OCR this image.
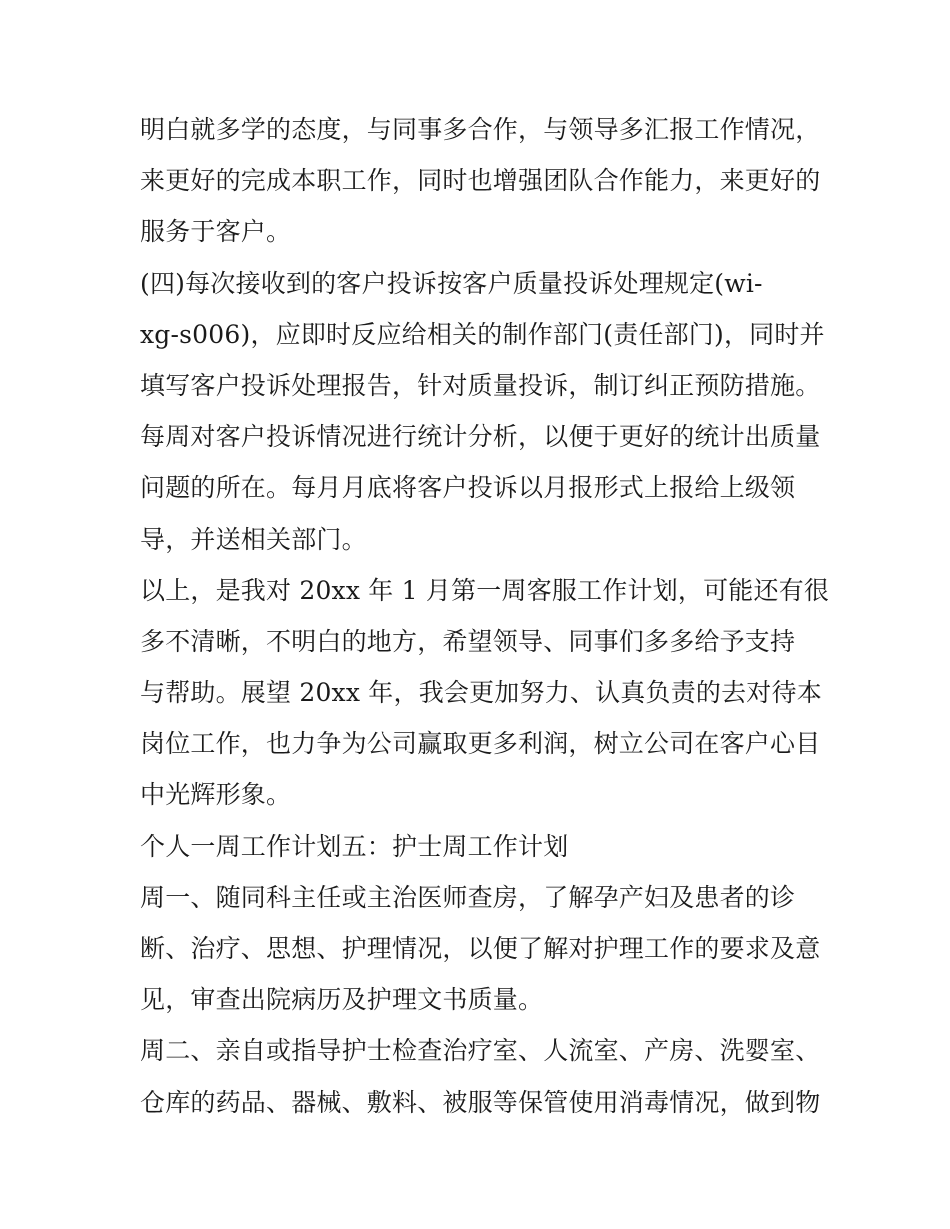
明白就多学的态度，与同事多合作，与领导多汇报工作情况，
来更好的完成本职工作，同时也增强团队合作能力，来更好的
服务于客户。
(四)每次接收到的客户投诉按客户质量投诉处理规定(wi-
xg-s006)，应即时反应给相关的制作部门(责任部门)，同时并
填写客户投诉处理报告，针对质量投诉，制订纠正预防措施。
每周对客户投诉情况进行统计分析，以便于更好的统计出质量
问题的所在。每月月底将客户投诉以月报形式上报给上级领
导，并送相关部门。
以上，是我对 20xx 年 1 月第一周客服工作计划，可能还有很
多不清晰，不明白的地方，希望领导、同事们多多给予支持
与帮助。展望 20xx 年，我会更加努力、认真负责的去对待本
岗位工作，也力争为公司赢取更多利润，树立公司在客户心目
中光辉形象。
个人一周工作计划五：护士周工作计划
周一、随同科主任或主治医师查房，了解孕产妇及患者的诊
断、治疗、思想、护理情况，以便了解对护理工作的要求及意
见，审查出院病历及护理文书质量。
周二、亲自或指导护士检查治疗室、人流室、产房、洗婴室、
仓库的药品、器械、敷料、被服等保管使用消毒情况，做到物
